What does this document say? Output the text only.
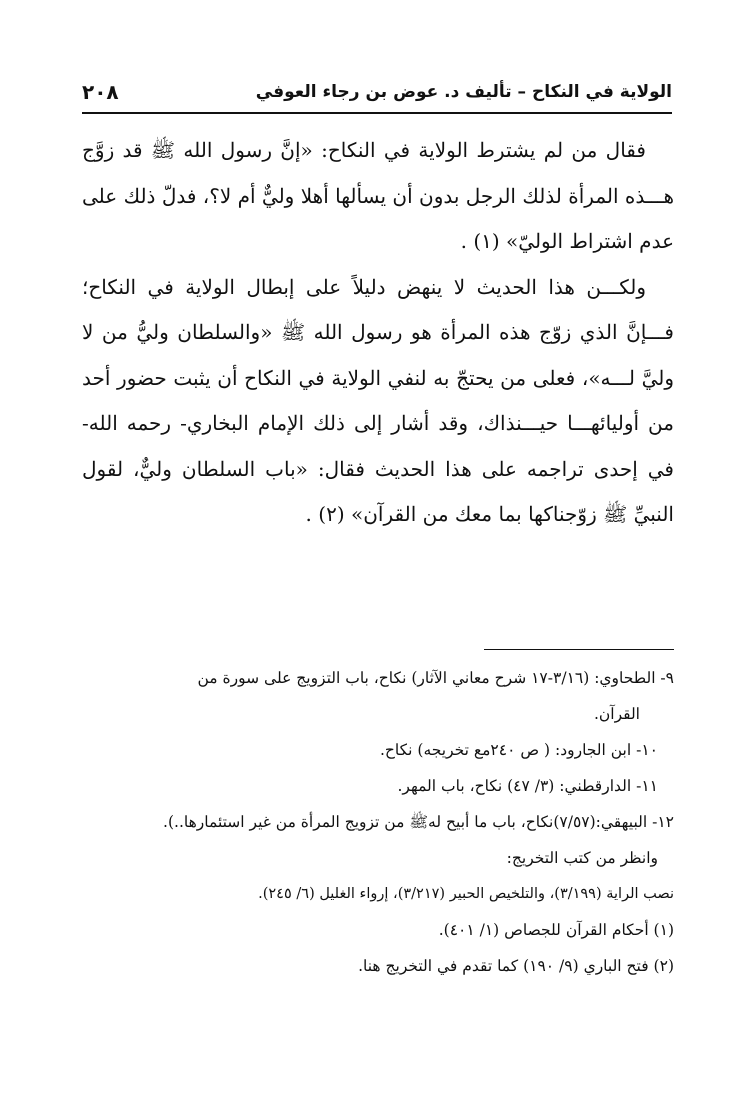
الولاية في النكاح – تأليف د. عوض بن رجاء العوفي
٢٠٨

فقال من لم يشترط الولاية في النكاح: «إنَّ رسول الله ﷺ قد زوَّج هـــذه المرأة لذلك الرجل بدون أن يسألها أهلا وليٌّ أم لا؟، فدلّ ذلك على عدم اشتراط الوليّ» (١) .

ولكـــن هذا الحديث لا ينهض دليلاً على إبطال الولاية في النكاح؛ فـــإنَّ الذي زوّج هذه المرأة هو رسول الله ﷺ «والسلطان وليُّ من لا وليَّ لـــه»، فعلى من يحتجّ به لنفي الولاية في النكاح أن يثبت حضور أحد من أوليائهـــا حيـــنذاك، وقد أشار إلى ذلك الإمام البخاري- رحمه الله- في إحدى تراجمه على هذا الحديث فقال: «باب السلطان وليٌّ، لقول النبيِّ ﷺ زوّجناكها بما معك من القرآن» (٢) .

٩- الطحاوي: (٣/١٦-١٧ شرح معاني الآثار) نكاح، باب التزويج على سورة من
القرآن.
١٠- ابن الجارود: ( ص ٢٤٠مع تخريجه) نكاح.
١١- الدارقطني: (٣/ ٤٧) نكاح، باب المهر.
١٢- البيهقي:(٧/٥٧)نكاح، باب ما أبيح لهﷺ من تزويج المرأة من غير استئمارها..).
وانظر من كتب التخريج:
نصب الراية (٣/١٩٩)، والتلخيص الحبير (٣/٢١٧)، إرواء الغليل (٦/ ٢٤٥).
(١) أحكام القرآن للجصاص (١/ ٤٠١).
(٢) فتح الباري (٩/ ١٩٠) كما تقدم في التخريج هنا.
